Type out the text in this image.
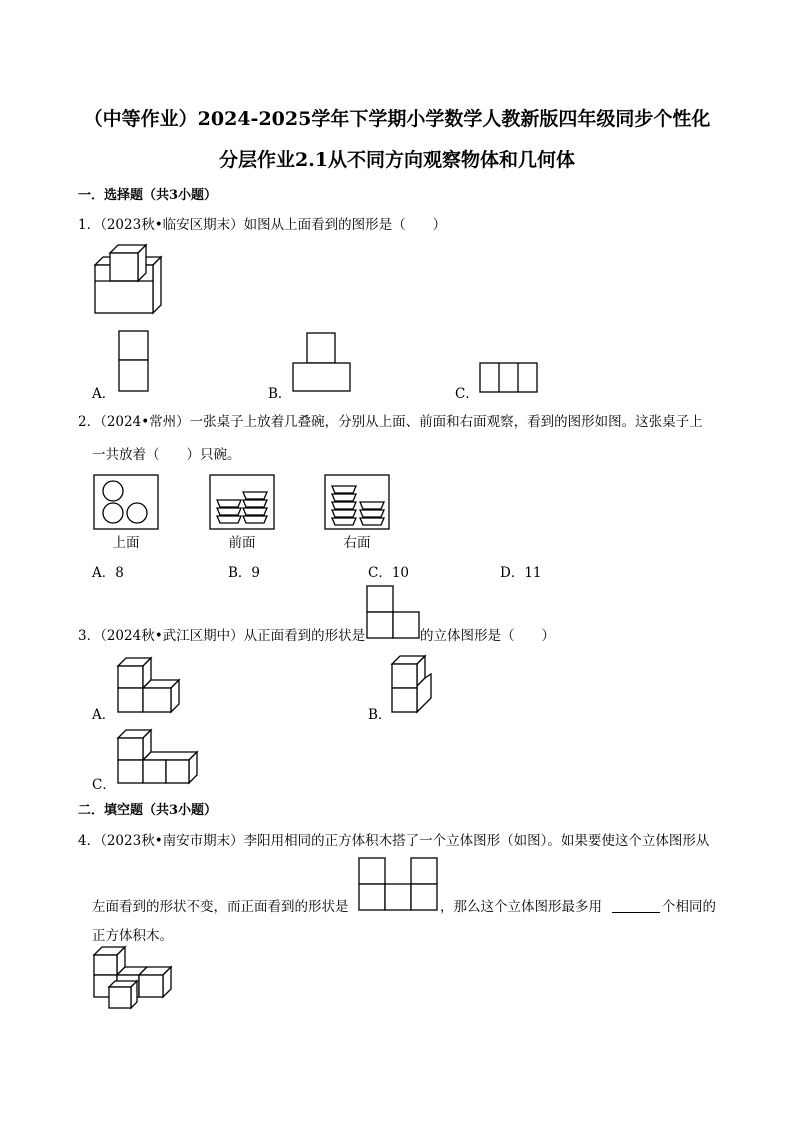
（中等作业）2024-2025学年下学期小学数学人教新版四年级同步个性化
分层作业2.1从不同方向观察物体和几何体
一．选择题（共3小题）
1．（2023秋•临安区期末）如图从上面看到的图形是（　　）
A．	B．	C．
2．（2024•常州）一张桌子上放着几叠碗，分别从上面、前面和右面观察，看到的图形如图。这张桌子上
一共放着（　　）只碗。
上面	前面	右面
A．8	B．9	C．10	D．11
3．（2024秋•武江区期中）从正面看到的形状是	的立体图形是（　　）
A．	B．
C．
二．填空题（共3小题）
4．（2023秋•南安市期末）李阳用相同的正方体积木搭了一个立体图形（如图）。如果要使这个立体图形从
左面看到的形状不变，而正面看到的形状是	，那么这个立体图形最多用	个相同的
正方体积木。
